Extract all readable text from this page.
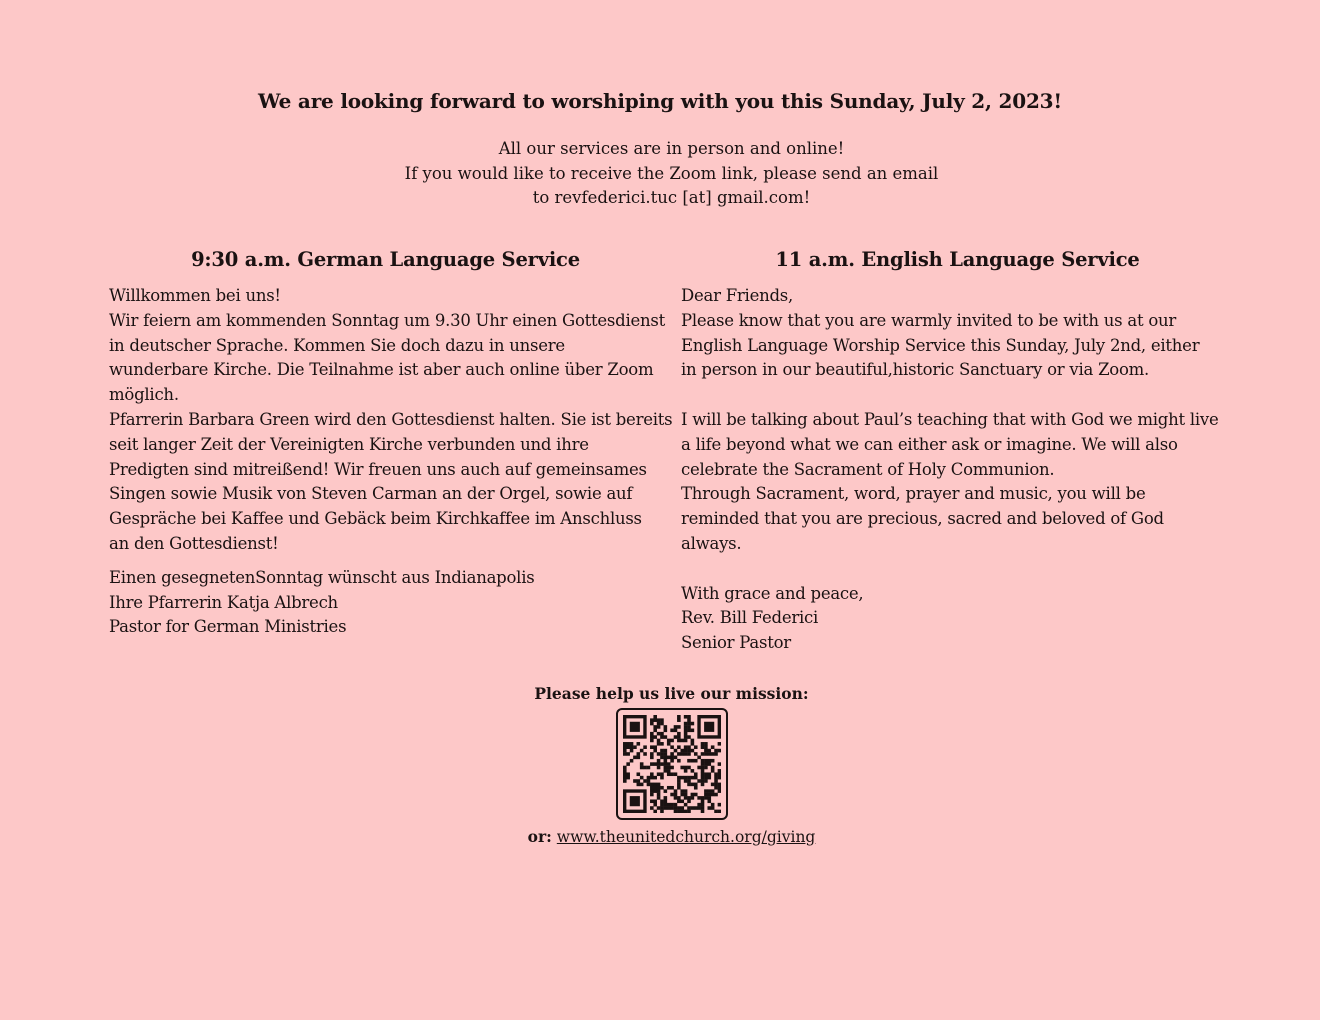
We are looking forward to worshiping with you this Sunday, July 2, 2023!
All our services are in person and online!
If you would like to receive the Zoom link, please send an email
to revfederici.tuc [at] gmail.com!
9:30 a.m. German Language Service
Willkommen bei uns!
Wir feiern am kommenden Sonntag um 9.30 Uhr einen Gottesdienst
in deutscher Sprache. Kommen Sie doch dazu in unsere
wunderbare Kirche. Die Teilnahme ist aber auch online über Zoom
möglich.
Pfarrerin Barbara Green wird den Gottesdienst halten. Sie ist bereits
seit langer Zeit der Vereinigten Kirche verbunden und ihre
Predigten sind mitreißend! Wir freuen uns auch auf gemeinsames
Singen sowie Musik von Steven Carman an der Orgel, sowie auf
Gespräche bei Kaffee und Gebäck beim Kirchkaffee im Anschluss
an den Gottesdienst!
Einen gesegnetenSonntag wünscht aus Indianapolis
Ihre Pfarrerin Katja Albrech
Pastor for German Ministries
11 a.m. English Language Service
Dear Friends,
Please know that you are warmly invited to be with us at our
English Language Worship Service this Sunday, July 2nd, either
in person in our beautiful,historic Sanctuary or via Zoom.
I will be talking about Paul’s teaching that with God we might live
a life beyond what we can either ask or imagine. We will also
celebrate the Sacrament of Holy Communion.
Through Sacrament, word, prayer and music, you will be
reminded that you are precious, sacred and beloved of God
always.
With grace and peace,
Rev. Bill Federici
Senior Pastor
Please help us live our mission:
or: www.theunitedchurch.org/giving
